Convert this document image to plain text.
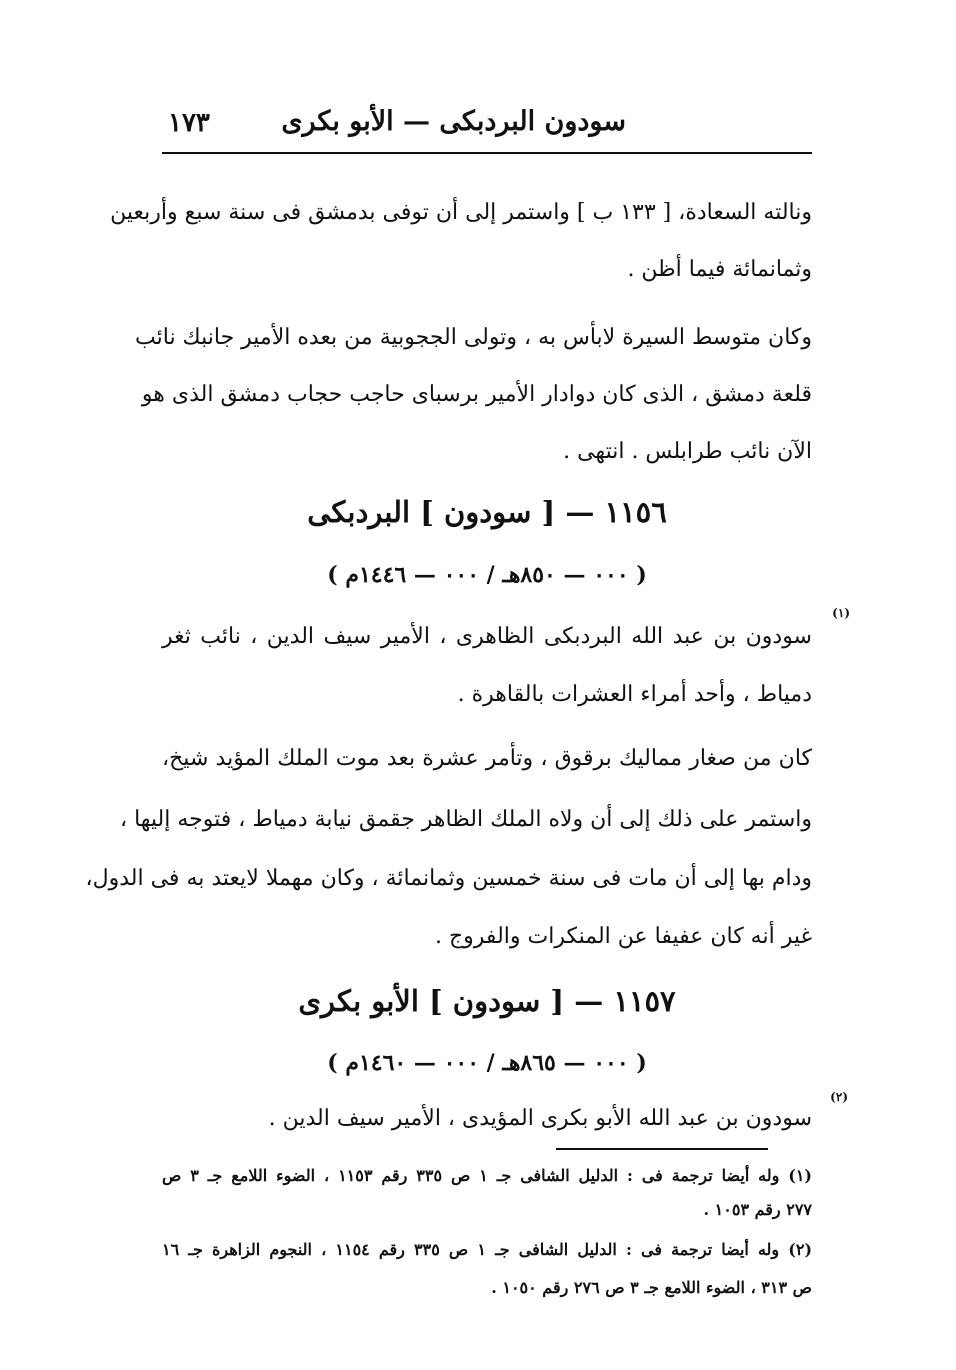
١٧٣	سودون البردبكى — الأبو بكرى
ونالته السعادة، [ ١٣٣ ب ] واستمر إلى أن توفى بدمشق فى سنة سبع وأربعين
وثمانمائة فيما أظن .
وكان متوسط السيرة لابأس به ، وتولى الججوبية من بعده الأمير جانبك نائب
قلعة دمشق ، الذى كان دوادار الأمير برسباى حاجب حجاب دمشق الذى هو
الآن نائب طرابلس . انتهى .
١١٥٦ — [ سودون ] البردبكى
( ٠٠٠ — ٨٥٠هـ / ٠٠٠ — ١٤٤٦م )
(١)
سودون بن عبد الله البردبكى الظاهرى ، الأمير سيف الدين ، نائب ثغر
دمياط ، وأحد أمراء العشرات بالقاهرة .
كان من صغار مماليك برقوق ، وتأمر عشرة بعد موت الملك المؤيد شيخ،
واستمر على ذلك إلى أن ولاه الملك الظاهر جقمق نيابة دمياط ، فتوجه إليها ،
ودام بها إلى أن مات فى سنة خمسين وثمانمائة ، وكان مهملا لايعتد به فى الدول،
غير أنه كان عفيفا عن المنكرات والفروج .
١١٥٧ — [ سودون ] الأبو بكرى
( ٠٠٠ — ٨٦٥هـ / ٠٠٠ — ١٤٦٠م )
(٢)
سودون بن عبد الله الأبو بكرى المؤيدى ، الأمير سيف الدين .
(١) وله أيضا ترجمة فى : الدليل الشافى جـ ١ ص ٣٣٥ رقم ١١٥٣ ، الضوء اللامع جـ ٣ ص
٢٧٧ رقم ١٠٥٣ .
(٢) وله أيضا ترجمة فى : الدليل الشافى جـ ١ ص ٣٣٥ رقم ١١٥٤ ، النجوم الزاهرة جـ ١٦
ص ٣١٣ ، الضوء اللامع جـ ٣ ص ٢٧٦ رقم ١٠٥٠ .
